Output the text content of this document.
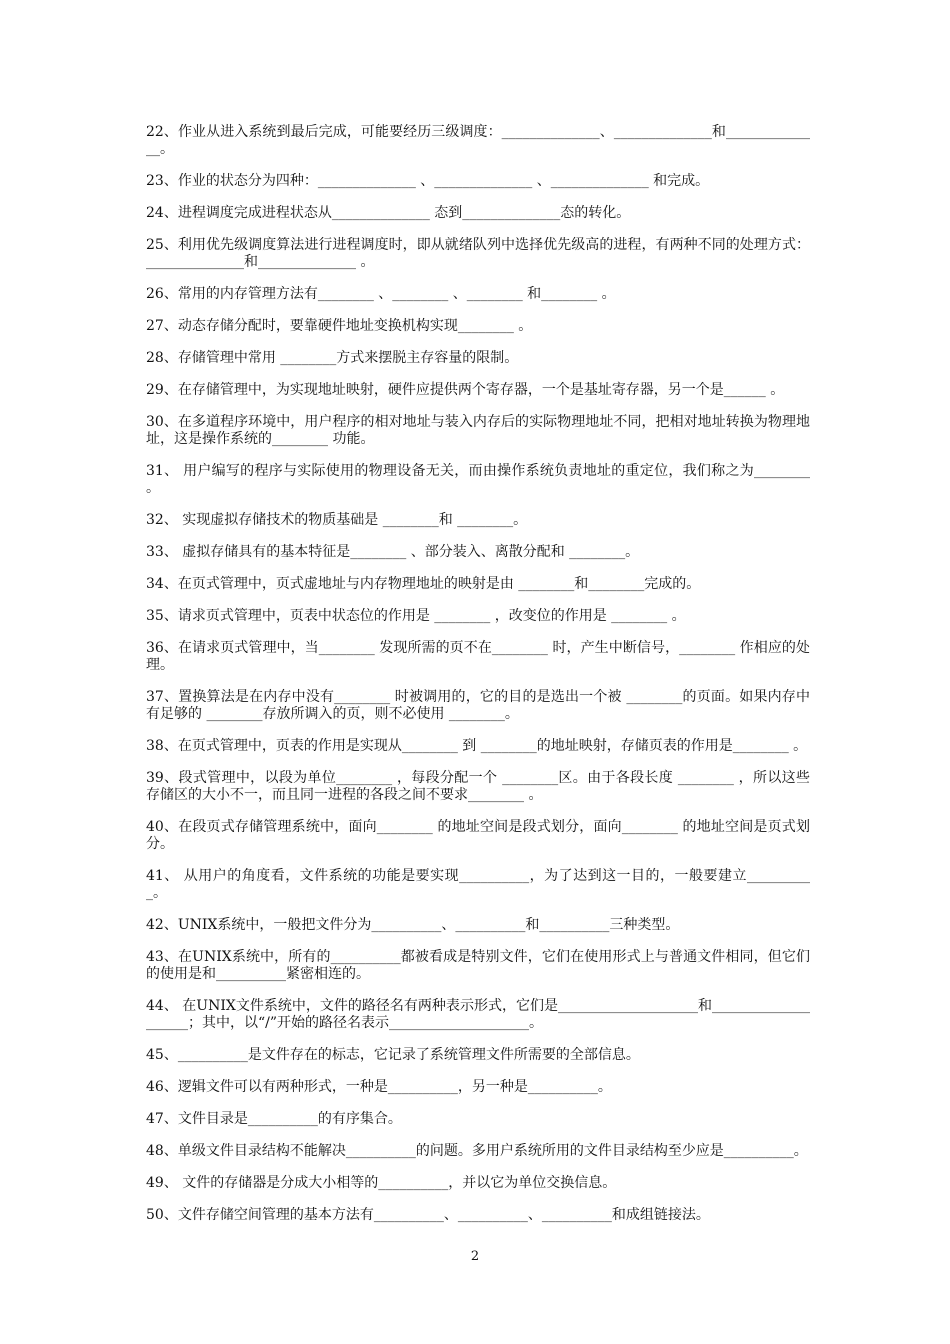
22、作业从进入系统到最后完成，可能要经历三级调度：______________、______________和______________。

23、作业的状态分为四种：______________ 、______________ 、______________ 和完成。

24、进程调度完成进程状态从______________ 态到______________态的转化。

25、利用优先级调度算法进行进程调度时，即从就绪队列中选择优先级高的进程，有两种不同的处理方式： ______________和______________ 。

26、常用的内存管理方法有________ 、________ 、________ 和________ 。

27、动态存储分配时，要靠硬件地址变换机构实现________ 。

28、存储管理中常用 ________方式来摆脱主存容量的限制。

29、在存储管理中，为实现地址映射，硬件应提供两个寄存器，一个是基址寄存器，另一个是______ 。

30、在多道程序环境中，用户程序的相对地址与装入内存后的实际物理地址不同，把相对地址转换为物理地址，这是操作系统的________ 功能。

31、 用户编写的程序与实际使用的物理设备无关，而由操作系统负责地址的重定位，我们称之为________ 。

32、 实现虚拟存储技术的物质基础是 ________和 ________。

33、 虚拟存储具有的基本特征是________ 、部分装入、离散分配和 ________。

34、在页式管理中，页式虚地址与内存物理地址的映射是由 ________和________完成的。

35、请求页式管理中，页表中状态位的作用是 ________ ，改变位的作用是 ________ 。

36、在请求页式管理中，当________ 发现所需的页不在________ 时，产生中断信号，________ 作相应的处理。

37、置换算法是在内存中没有________ 时被调用的，它的目的是选出一个被 ________的页面。如果内存中有足够的 ________存放所调入的页，则不必使用 ________。

38、在页式管理中，页表的作用是实现从________ 到 ________的地址映射，存储页表的作用是________ 。

39、段式管理中，以段为单位________ ，每段分配一个 ________区。由于各段长度 ________ ，所以这些存储区的大小不一，而且同一进程的各段之间不要求________ 。

40、在段页式存储管理系统中，面向________ 的地址空间是段式划分，面向________ 的地址空间是页式划分。

41、 从用户的角度看，文件系统的功能是要实现__________，为了达到这一目的，一般要建立__________。

42、UNIX系统中，一般把文件分为__________、__________和__________三种类型。

43、在UNIX系统中，所有的__________都被看成是特别文件，它们在使用形式上与普通文件相同，但它们的使用是和__________紧密相连的。

44、 在UNIX文件系统中，文件的路径名有两种表示形式，它们是____________________和____________________；其中，以“/”开始的路径名表示____________________。

45、__________是文件存在的标志，它记录了系统管理文件所需要的全部信息。

46、逻辑文件可以有两种形式，一种是__________，另一种是__________。

47、文件目录是__________的有序集合。

48、单级文件目录结构不能解决__________的问题。多用户系统所用的文件目录结构至少应是__________。

49、 文件的存储器是分成大小相等的__________，并以它为单位交换信息。

50、文件存储空间管理的基本方法有__________、__________、__________和成组链接法。

2
